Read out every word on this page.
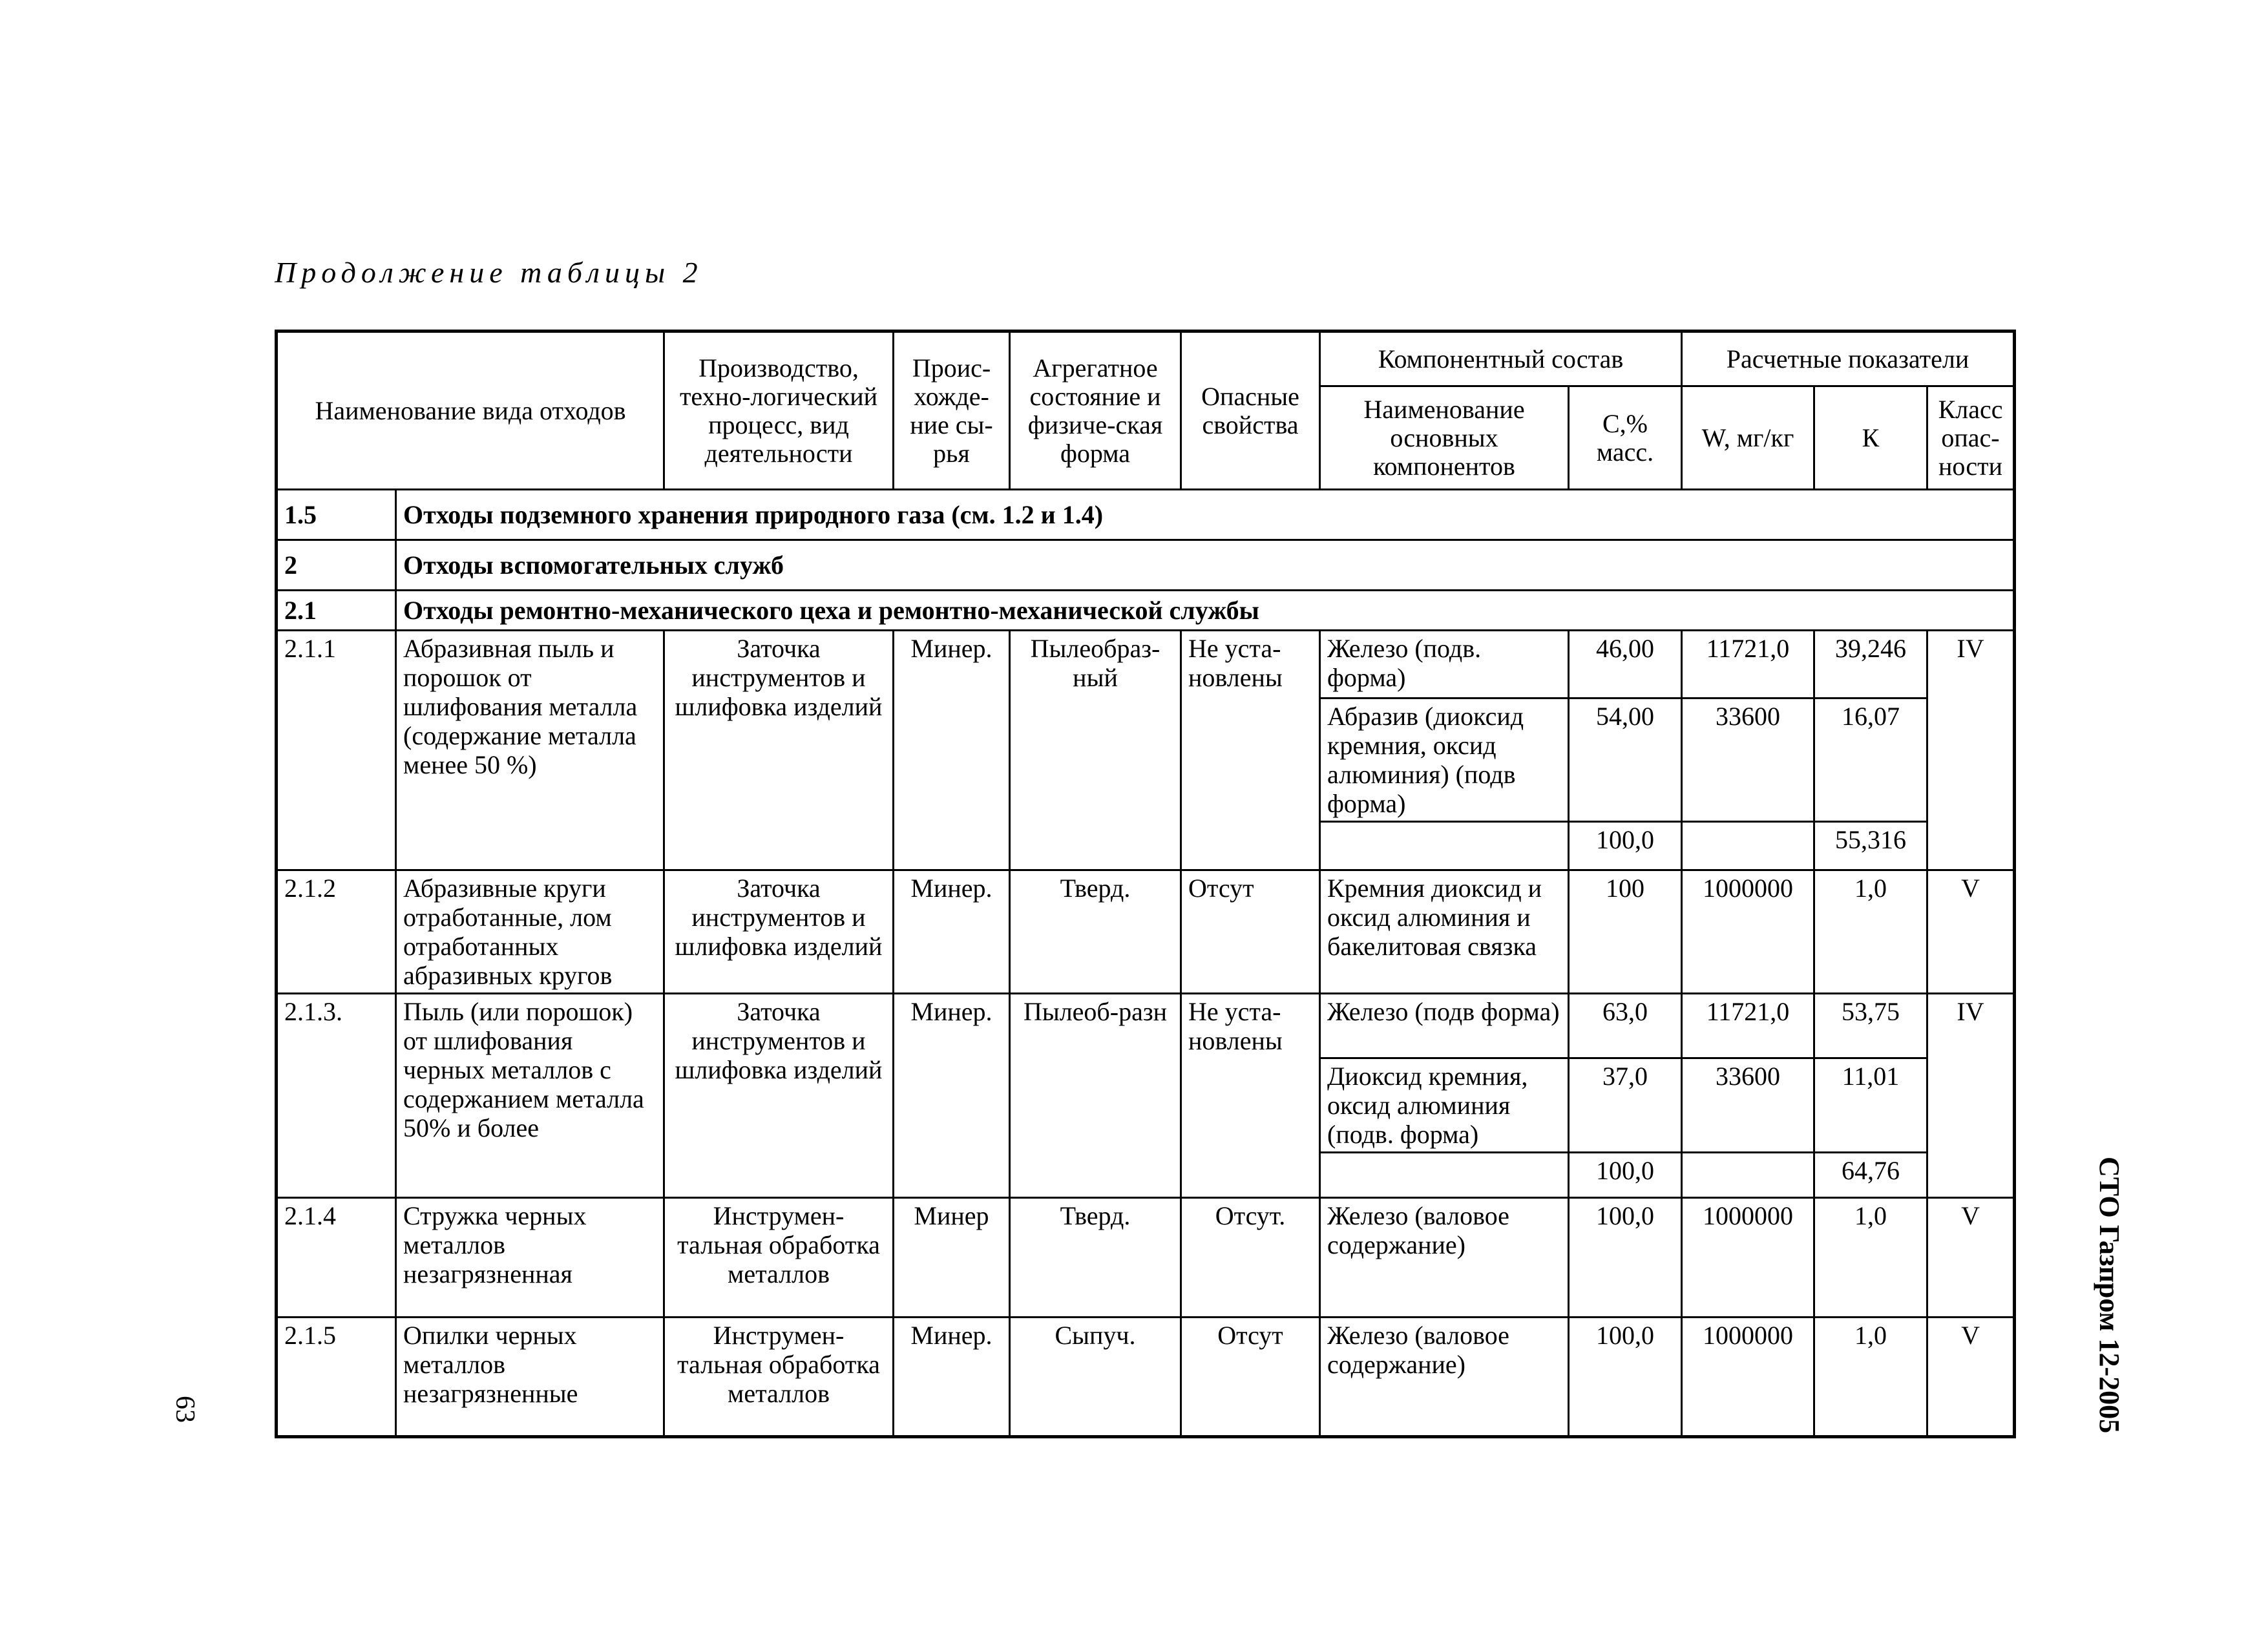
Продолжение таблицы 2
Наименование вида отходов		Производство, техно-логический процесс, вид деятельности	Проис-хожде-ние сы-рья	Агрегатное состояние и физиче-ская форма	Опасные свойства	Компонентный состав		Расчетные показатели		
						Наименование основных компонентов	С,% масс.	W, мг/кг	К	Класс опас-ности
1.5	Отходы подземного хранения природного газа (см. 1.2 и 1.4)									
2	Отходы вспомогательных служб									
2.1	Отходы ремонтно-механического цеха и ремонтно-механической службы									
2.1.1	Абразивная пыль и порошок от шлифования металла (содержание металла менее 50 %)	Заточка инструментов и шлифовка изделий	Минер.	Пылеобраз-ный	Не уста-новлены	Железо (подв. форма)	46,00	11721,0	39,246	IV
						Абразив (диоксид кремния, оксид алюминия) (подв форма)	54,00	33600	16,07	
							100,0		55,316	
2.1.2	Абразивные круги отработанные, лом отработанных абразивных кругов	Заточка инструментов и шлифовка изделий	Минер.	Тверд.	Отсут	Кремния диоксид и оксид алюминия и бакелитовая связка	100	1000000	1,0	V
2.1.3.	Пыль (или порошок) от шлифования черных металлов с содержанием металла 50% и более	Заточка инструментов и шлифовка изделий	Минер.	Пылеоб-разн	Не уста-новлены	Железо (подв форма)	63,0	11721,0	53,75	IV
						Диоксид кремния, оксид алюминия (подв. форма)	37,0	33600	11,01	
							100,0		64,76	
2.1.4	Стружка черных металлов незагрязненная	Инструмен-тальная обработка металлов	Минер	Тверд.	Отсут.	Железо (валовое содержание)	100,0	1000000	1,0	V
2.1.5	Опилки черных металлов незагрязненные	Инструмен-тальная обработка металлов	Минер.	Сыпуч.	Отсут	Железо (валовое содержание)	100,0	1000000	1,0	V	СТО Газпром 12-2005
63
